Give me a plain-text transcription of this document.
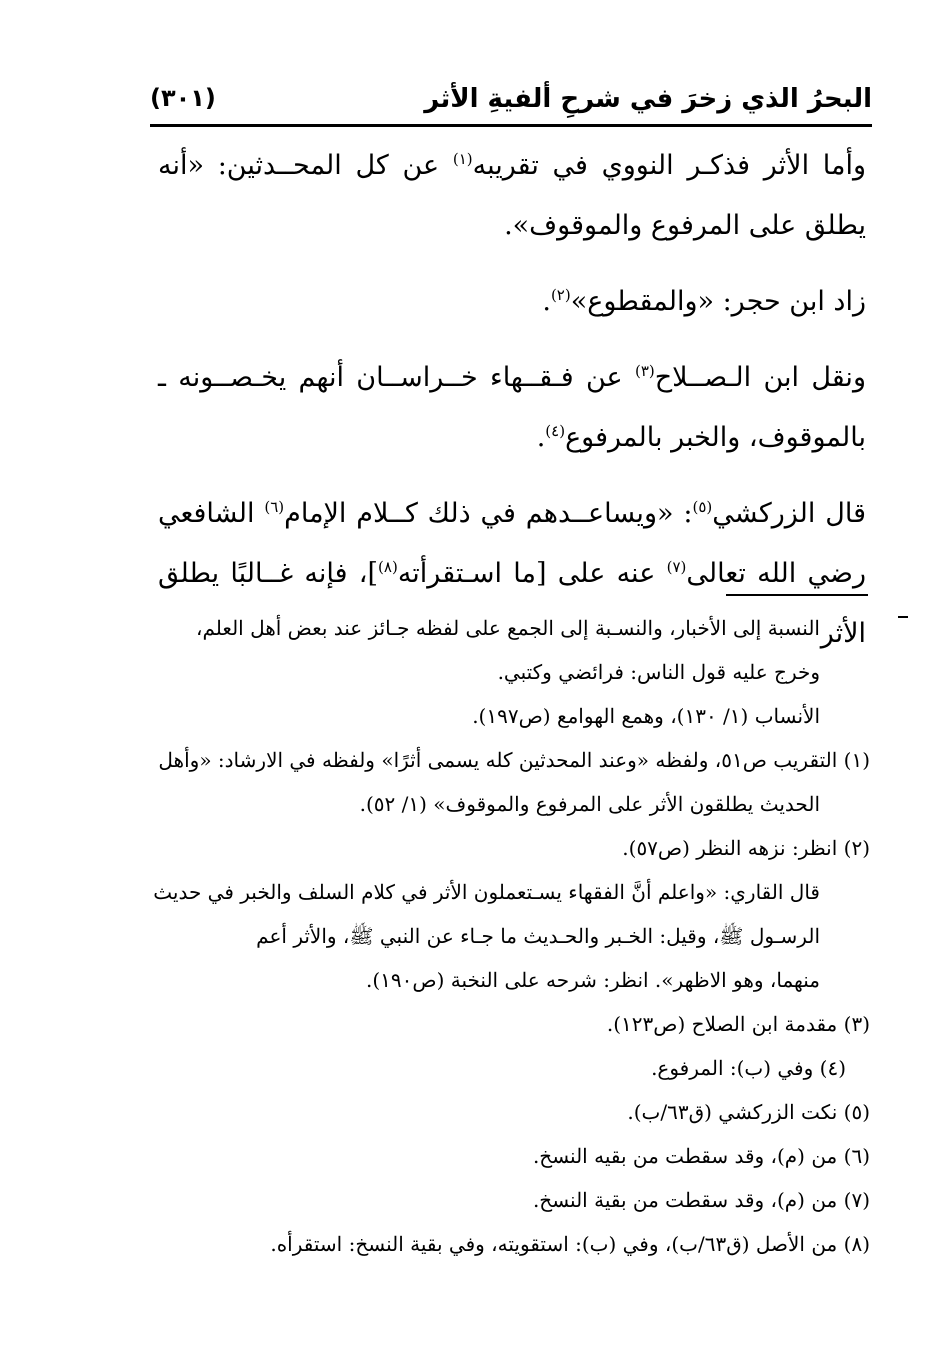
البحرُ الذي زخرَ في شرحِ ألفيةِ الأثر
(٣٠١)

وأما الأثر فذكـر النووي في تقريبه$^{(١)}$ عن كل المحــدثين: «أنه يطلق على المرفوع والموقوف».

زاد ابن حجر: «والمقطوع»$^{(٢)}$.

ونقل ابن الـصــلاح$^{(٣)}$ عن فـقــهاء خــراســان أنهم يخـصــونه ـ بالموقوف، والخبر بالمرفوع$^{(٤)}$.

قال الزركشي$^{(٥)}$: «ويساعــدهم في ذلك كــلام الإمام$^{(٦)}$ الشافعي رضي الله تعالى$^{(٧)}$ عنه على [ما اسـتقرأته$^{(٨)}$]، فإنه غــالبًا يطلق الأثر

النسبة إلى الأخبار، والنسـبة إلى الجمع على لفظه جـائز عند بعض أهل العلم،
وخرج عليه قول الناس: فرائضي وكتبي.
الأنساب (١/ ١٣٠)، وهمع الهوامع (ص١٩٧).
(١) التقريب ص٥١، ولفظه «وعند المحدثين كله يسمى أثرًا» ولفظه في الارشاد: «وأهل
الحديث يطلقون الأثر على المرفوع والموقوف» (١/ ٥٢).
(٢) انظر: نزهه النظر (ص٥٧).
قال القاري: «واعلم أنَّ الفقهاء يسـتعملون الأثر في كلام السلف والخبر في حديث
الرسـول ﷺ، وقيل: الخـبر والحـديث ما جـاء عن النبي ﷺ، والأثر أعم
منهما، وهو الاظهر». انظر: شرحه على النخبة (ص١٩٠).
(٣) مقدمة ابن الصلاح (ص١٢٣).
(٤) وفي (ب): المرفوع.
(٥) نكت الزركشي (ق٦٣/ب).
(٦) من (م)، وقد سقطت من بقيه النسخ.
(٧) من (م)، وقد سقطت من بقية النسخ.
(٨) من الأصل (ق٦٣/ب)، وفي (ب): استقويته، وفي بقية النسخ: استقرأه.
